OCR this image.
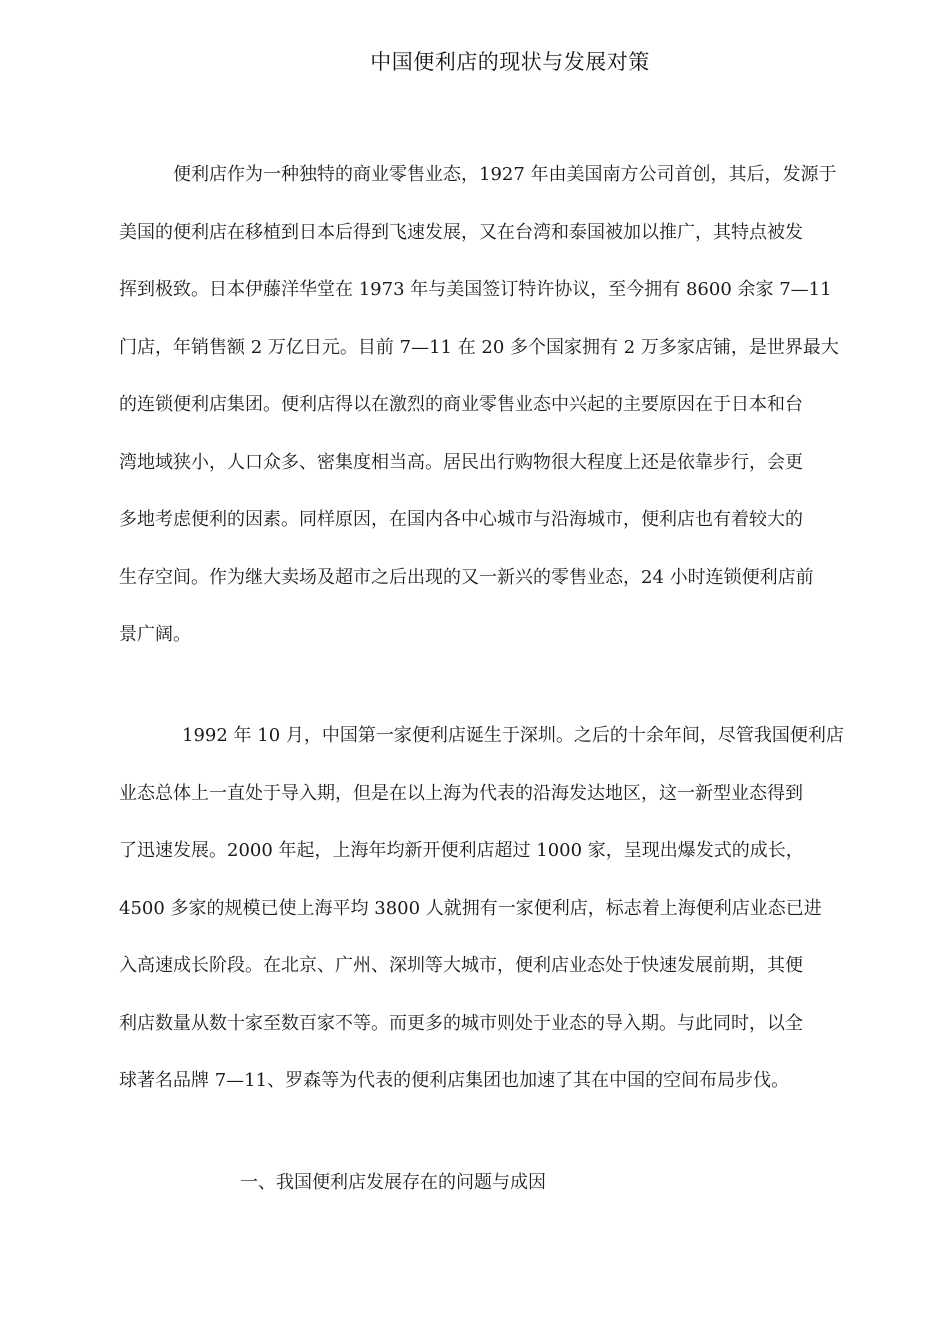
中国便利店的现状与发展对策

便利店作为一种独特的商业零售业态，1927 年由美国南方公司首创，其后，发源于
美国的便利店在移植到日本后得到飞速发展，又在台湾和泰国被加以推广，其特点被发
挥到极致。日本伊藤洋华堂在 1973 年与美国签订特许协议，至今拥有 8600 余家 7—11
门店，年销售额 2 万亿日元。目前 7—11 在 20 多个国家拥有 2 万多家店铺，是世界最大
的连锁便利店集团。便利店得以在激烈的商业零售业态中兴起的主要原因在于日本和台
湾地域狭小，人口众多、密集度相当高。居民出行购物很大程度上还是依靠步行，会更
多地考虑便利的因素。同样原因，在国内各中心城市与沿海城市，便利店也有着较大的
生存空间。作为继大卖场及超市之后出现的又一新兴的零售业态，24 小时连锁便利店前
景广阔。

1992 年 10 月，中国第一家便利店诞生于深圳。之后的十余年间，尽管我国便利店
业态总体上一直处于导入期，但是在以上海为代表的沿海发达地区，这一新型业态得到
了迅速发展。2000 年起，上海年均新开便利店超过 1000 家，呈现出爆发式的成长，
4500 多家的规模已使上海平均 3800 人就拥有一家便利店，标志着上海便利店业态已进
入高速成长阶段。在北京、广州、深圳等大城市，便利店业态处于快速发展前期，其便
利店数量从数十家至数百家不等。而更多的城市则处于业态的导入期。与此同时，以全
球著名品牌 7—11、罗森等为代表的便利店集团也加速了其在中国的空间布局步伐。

一、我国便利店发展存在的问题与成因
